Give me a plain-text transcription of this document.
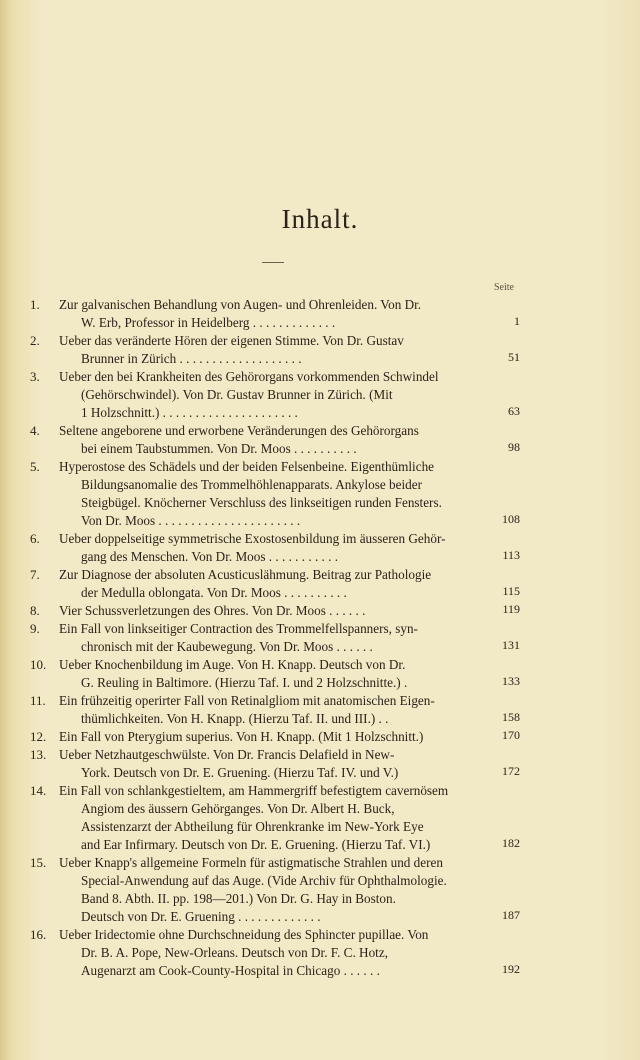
Inhalt.
Seite
1.	Zur galvanischen Behandlung von Augen- und Ohrenleiden. Von Dr.
W. Erb, Professor in Heidelberg . . . . . . . . . . . . .	1
2.	Ueber das veränderte Hören der eigenen Stimme. Von Dr. Gustav
Brunner in Zürich . . . . . . . . . . . . . . . . . . .	51
3.	Ueber den bei Krankheiten des Gehörorgans vorkommenden Schwindel
(Gehörschwindel). Von Dr. Gustav Brunner in Zürich. (Mit
1 Holzschnitt.) . . . . . . . . . . . . . . . . . . . . .	63
4.	Seltene angeborene und erworbene Veränderungen des Gehörorgans
bei einem Taubstummen. Von Dr. Moos . . . . . . . . . .	98
5.	Hyperostose des Schädels und der beiden Felsenbeine. Eigenthümliche
Bildungsanomalie des Trommelhöhlenapparats. Ankylose beider
Steigbügel. Knöcherner Verschluss des linkseitigen runden Fensters.
Von Dr. Moos . . . . . . . . . . . . . . . . . . . . . .	108
6.	Ueber doppelseitige symmetrische Exostosenbildung im äusseren Gehör-
gang des Menschen. Von Dr. Moos . . . . . . . . . . .	113
7.	Zur Diagnose der absoluten Acusticuslähmung. Beitrag zur Pathologie
der Medulla oblongata. Von Dr. Moos . . . . . . . . . .	115
8.	Vier Schussverletzungen des Ohres. Von Dr. Moos . . . . . .	119
9.	Ein Fall von linkseitiger Contraction des Trommelfellspanners, syn-
chronisch mit der Kaubewegung. Von Dr. Moos . . . . . .	131
10. Ueber Knochenbildung im Auge. Von H. Knapp. Deutsch von Dr.
G. Reuling in Baltimore. (Hierzu Taf. I. und 2 Holzschnitte.) .	133
11.	Ein frühzeitig operirter Fall von Retinalgliom mit anatomischen Eigen-
thümlichkeiten. Von H. Knapp. (Hierzu Taf. II. und III.) . .	158
12. Ein Fall von Pterygium superius. Von H. Knapp. (Mit 1 Holzschnitt.)	170
13. Ueber Netzhautgeschwülste. Von Dr. Francis Delafield in New-
York. Deutsch von Dr. E. Gruening. (Hierzu Taf. IV. und V.)	172
14. Ein Fall von schlankgestieltem, am Hammergriff befestigtem cavernösem
Angiom des äussern Gehörganges. Von Dr. Albert H. Buck,
Assistenzarzt der Abtheilung für Ohrenkranke im New-York Eye
and Ear Infirmary. Deutsch von Dr. E. Gruening. (Hierzu Taf. VI.)	182
15. Ueber Knapp's allgemeine Formeln für astigmatische Strahlen und deren
Special-Anwendung auf das Auge. (Vide Archiv für Ophthalmologie.
Band 8. Abth. II. pp. 198—201.) Von Dr. G. Hay in Boston.
Deutsch von Dr. E. Gruening . . . . . . . . . . . . .	187
16. Ueber Iridectomie ohne Durchschneidung des Sphincter pupillae. Von
Dr. B. A. Pope, New-Orleans. Deutsch von Dr. F. C. Hotz,
Augenarzt am Cook-County-Hospital in Chicago . . . . . .	192
